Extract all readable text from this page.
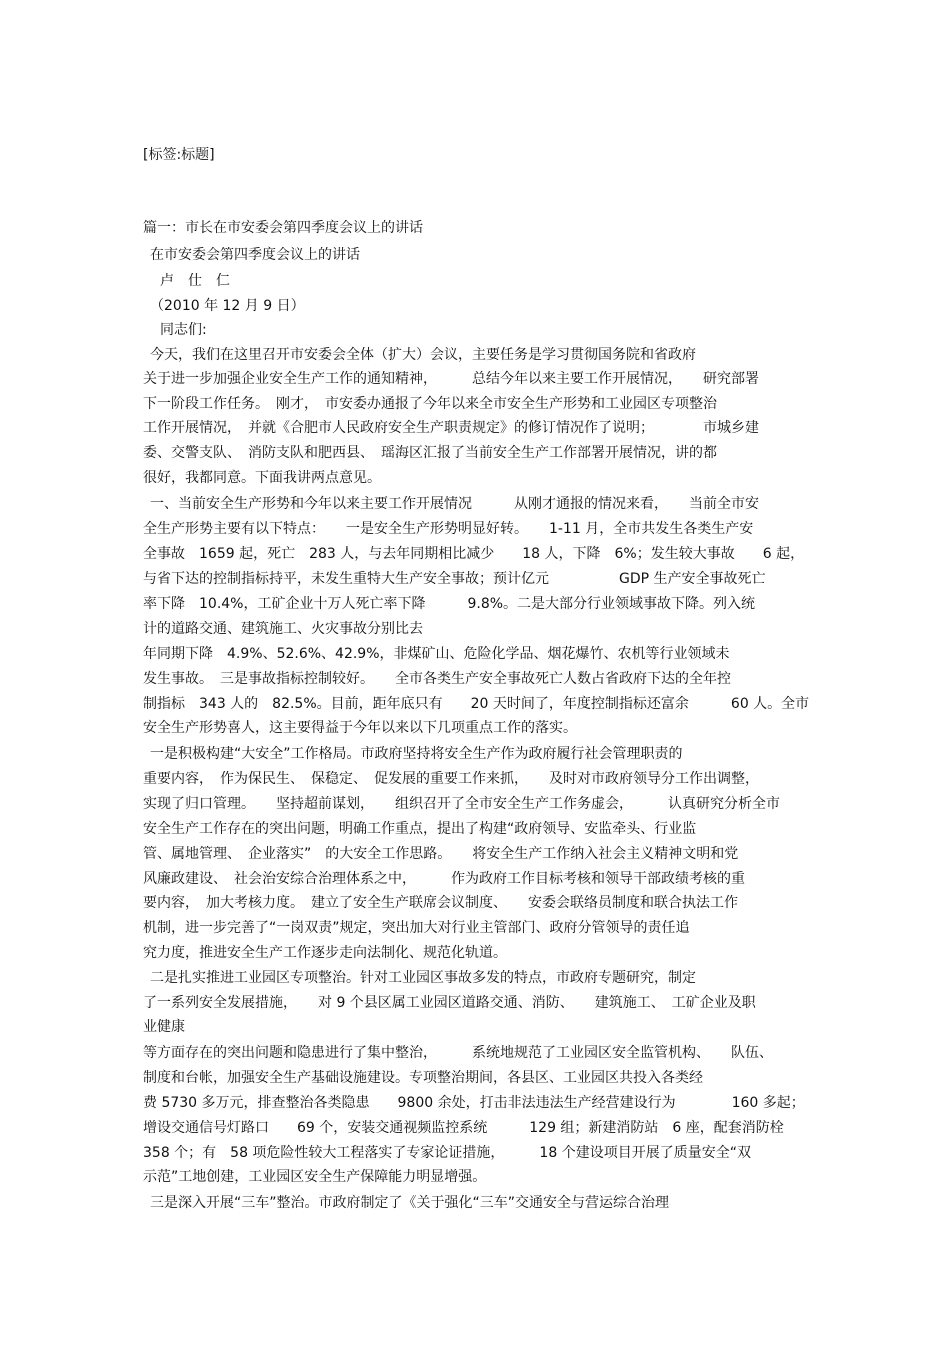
[标签:标题]
篇一：市长在市安委会第四季度会议上的讲话
在市安委会第四季度会议上的讲话
卢　仕　仁
（2010 年 12 月 9 日）
同志们:
今天，我们在这里召开市安委会全体（扩大）会议，主要任务是学习贯彻国务院和省政府
关于进一步加强企业安全生产工作的通知精神，　　　总结今年以来主要工作开展情况，　　研究部署
下一阶段工作任务。　刚才，　市安委办通报了今年以来全市安全生产形势和工业园区专项整治
工作开展情况，　并就《合肥市人民政府安全生产职责规定》的修订情况作了说明；　　　　市城乡建
委、交警支队、　消防支队和肥西县、　瑶海区汇报了当前安全生产工作部署开展情况，讲的都
很好，我都同意。下面我讲两点意见。
一、当前安全生产形势和今年以来主要工作开展情况　　　从刚才通报的情况来看，　　当前全市安
全生产形势主要有以下特点：　　一是安全生产形势明显好转。　　1-11 月，全市共发生各类生产安
全事故　1659 起，死亡　283 人，与去年同期相比减少　　18 人，下降　6%；发生较大事故　　6 起，
与省下达的控制指标持平，未发生重特大生产安全事故；预计亿元　　　　　GDP 生产安全事故死亡
率下降　10.4%，工矿企业十万人死亡率下降　　　9.8%。二是大部分行业领域事故下降。列入统
计的道路交通、建筑施工、火灾事故分别比去
年同期下降　4.9%、52.6%、42.9%，非煤矿山、危险化学品、烟花爆竹、农机等行业领域未
发生事故。　三是事故指标控制较好。　　全市各类生产安全事故死亡人数占省政府下达的全年控
制指标　343 人的　82.5%。目前，距年底只有　　20 天时间了，年度控制指标还富余　　　60 人。全市
安全生产形势喜人，这主要得益于今年以来以下几项重点工作的落实。
一是积极构建“大安全”工作格局。市政府坚持将安全生产作为政府履行社会管理职责的
重要内容，　作为保民生、　保稳定、　促发展的重要工作来抓，　　及时对市政府领导分工作出调整，
实现了归口管理。　　坚持超前谋划，　　组织召开了全市安全生产工作务虚会，　　　认真研究分析全市
安全生产工作存在的突出问题，明确工作重点，提出了构建“政府领导、安监牵头、行业监
管、属地管理、　企业落实”　的大安全工作思路。　　将安全生产工作纳入社会主义精神文明和党
风廉政建设、　社会治安综合治理体系之中，　　　作为政府工作目标考核和领导干部政绩考核的重
要内容，　加大考核力度。　建立了安全生产联席会议制度、　　安委会联络员制度和联合执法工作
机制，进一步完善了“一岗双责”规定，突出加大对行业主管部门、政府分管领导的责任追
究力度，推进安全生产工作逐步走向法制化、规范化轨道。
二是扎实推进工业园区专项整治。针对工业园区事故多发的特点，市政府专题研究，制定
了一系列安全发展措施，　　对 9 个县区属工业园区道路交通、消防、　　建筑施工、　工矿企业及职
业健康
等方面存在的突出问题和隐患进行了集中整治，　　　系统地规范了工业园区安全监管机构、　　队伍、
制度和台帐，加强安全生产基础设施建设。专项整治期间，各县区、工业园区共投入各类经
费 5730 多万元，排查整治各类隐患　　9800 余处，打击非法违法生产经营建设行为　　　　160 多起；
增设交通信号灯路口　　69 个，安装交通视频监控系统　　　129 组；新建消防站　6 座，配套消防栓
358 个；有　58 项危险性较大工程落实了专家论证措施，　　　18 个建设项目开展了质量安全“双
示范”工地创建，工业园区安全生产保障能力明显增强。
三是深入开展“三车”整治。市政府制定了《关于强化“三车”交通安全与营运综合治理
